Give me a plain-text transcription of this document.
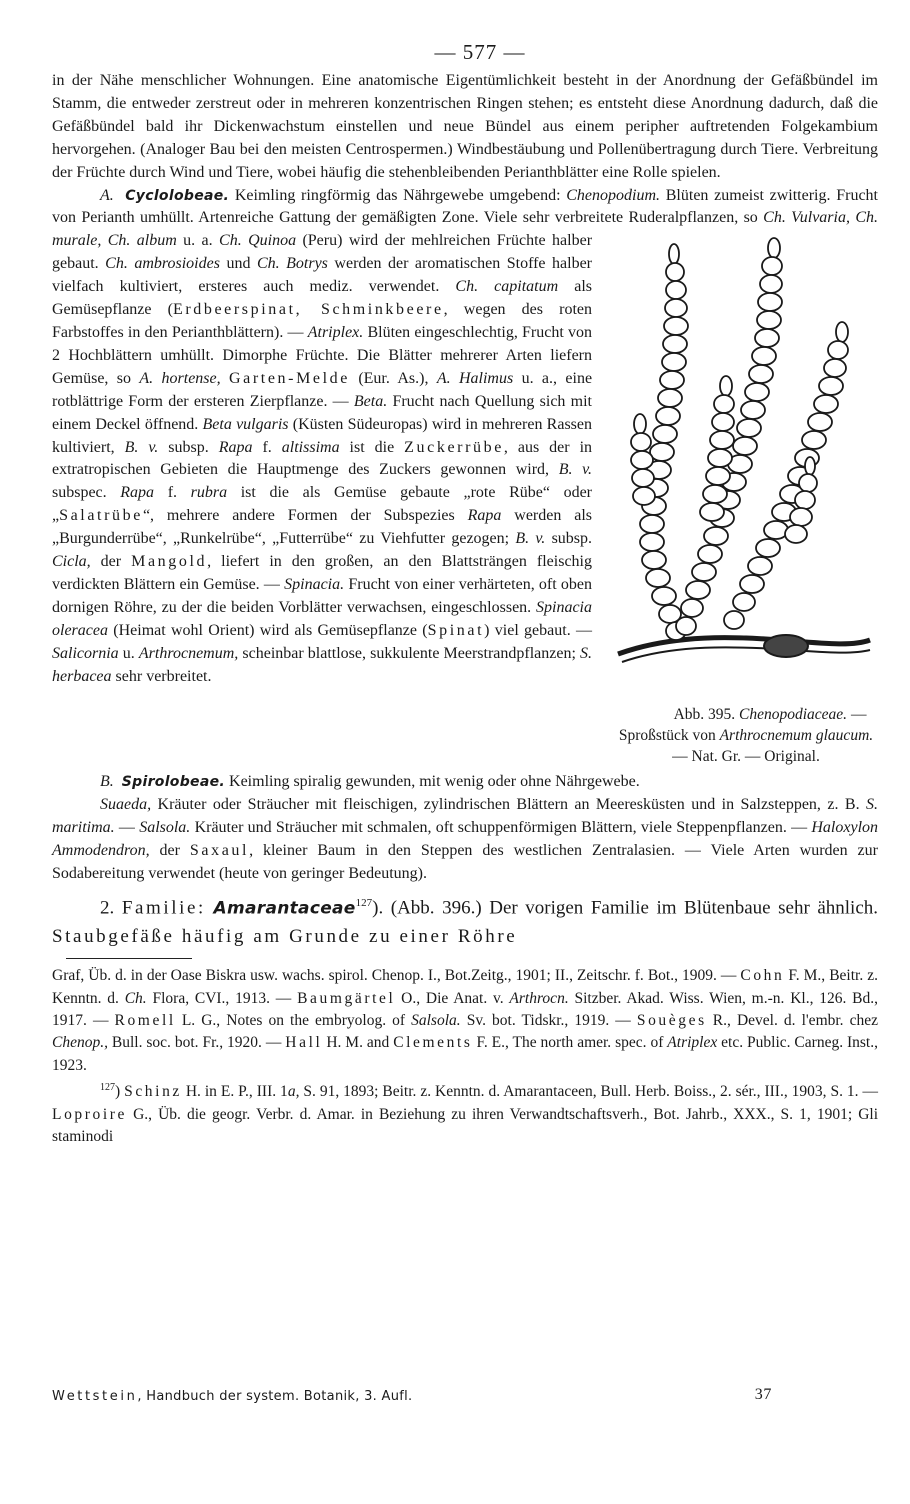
— 577 —

in der Nähe menschlicher Wohnungen. Eine anatomische Eigentümlichkeit besteht in der Anordnung der Gefäßbündel im Stamm, die entweder zerstreut oder in mehreren konzentrischen Ringen stehen; es entsteht diese Anordnung dadurch, daß die Gefäßbündel bald ihr Dickenwachstum einstellen und neue Bündel aus einem peripher auftretenden Folgekambium hervorgehen. (Analoger Bau bei den meisten Centrospermen.) Windbestäubung und Pollenübertragung durch Tiere. Verbreitung der Früchte durch Wind und Tiere, wobei häufig die stehenbleibenden Perianthblätter eine Rolle spielen.

A. Cyclolobeae. Keimling ringförmig das Nährgewebe umgebend: Chenopodium. Blüten zumeist zwitterig. Frucht von Perianth umhüllt. Artenreiche Gattung der gemäßigten Zone. Viele sehr verbreitete Ruderalpflanzen, so
Abb. 395. Chenopodiaceae. — Sproßstück von Arthrocnemum glaucum. — Nat. Gr. — Original.
Ch. Vulvaria, Ch. murale, Ch. album u. a. Ch. Quinoa (Peru) wird der mehlreichen Früchte halber gebaut. Ch. ambrosioides und Ch. Botrys werden der aromatischen Stoffe halber vielfach kultiviert, ersteres auch mediz. verwendet. Ch. capitatum als Gemüsepflanze (Erdbeerspinat, Schminkbeere, wegen des roten Farbstoffes in den Perianthblättern). — Atriplex. Blüten eingeschlechtig, Frucht von 2 Hochblättern umhüllt. Dimorphe Früchte. Die Blätter mehrerer Arten liefern Gemüse, so A. hortense, Garten-Melde (Eur. As.), A. Halimus u. a., eine rotblättrige Form der ersteren Zierpflanze. — Beta. Frucht nach Quellung sich mit einem Deckel öffnend. Beta vulgaris (Küsten Südeuropas) wird in mehreren Rassen kultiviert, B. v. subsp. Rapa f. altissima ist die Zuckerrübe, aus der in extratropischen Gebieten die Hauptmenge des Zuckers gewonnen wird, B. v. subspec. Rapa f. rubra ist die als Gemüse gebaute „rote Rübe“ oder „Salatrübe“, mehrere andere Formen der Subspezies Rapa werden als „Burgunderrübe“, „Runkelrübe“, „Futterrübe“ zu Viehfutter gezogen; B. v. subsp. Cicla, der Mangold, liefert in den großen, an den Blattsträngen fleischig verdickten Blättern ein Gemüse. — Spinacia. Frucht von einer verhärteten, oft oben dornigen Röhre, zu der die beiden Vorblätter verwachsen, eingeschlossen. Spinacia oleracea (Heimat wohl Orient) wird als Gemüsepflanze (Spinat) viel gebaut. — Salicornia u. Arthrocnemum, scheinbar blattlose, sukkulente Meerstrandpflanzen; S. herbacea sehr verbreitet.

B. Spirolobeae. Keimling spiralig gewunden, mit wenig oder ohne Nährgewebe.

Suaeda, Kräuter oder Sträucher mit fleischigen, zylindrischen Blättern an Meeresküsten und in Salzsteppen, z. B. S. maritima. — Salsola. Kräuter und Sträucher mit schmalen, oft schuppenförmigen Blättern, viele Steppenpflanzen. — Haloxylon Ammodendron, der Saxaul, kleiner Baum in den Steppen des westlichen Zentralasien. — Viele Arten wurden zur Sodabereitung verwendet (heute von geringer Bedeutung).

2. Familie: Amarantaceae$^{127}$). (Abb. 396.) Der vorigen Familie im Blütenbaue sehr ähnlich. Staubgefäße häufig am Grunde zu einer Röhre

Graf, Üb. d. in der Oase Biskra usw. wachs. spirol. Chenop. I., Bot.Zeitg., 1901; II., Zeitschr. f. Bot., 1909. — Cohn F. M., Beitr. z. Kenntn. d. Ch. Flora, CVI., 1913. — Baumgärtel O., Die Anat. v. Arthrocn. Sitzber. Akad. Wiss. Wien, m.-n. Kl., 126. Bd., 1917. — Romell L. G., Notes on the embryolog. of Salsola. Sv. bot. Tidskr., 1919. — Souèges R., Devel. d. l'embr. chez Chenop., Bull. soc. bot. Fr., 1920. — Hall H. M. and Clements F. E., The north amer. spec. of Atriplex etc. Public. Carneg. Inst., 1923.

$^{127}$) Schinz H. in E. P., III. 1a, S. 91, 1893; Beitr. z. Kenntn. d. Amarantaceen, Bull. Herb. Boiss., 2. sér., III., 1903, S. 1. — Loproire G., Üb. die geogr. Verbr. d. Amar. in Beziehung zu ihren Verwandtschaftsverh., Bot. Jahrb., XXX., S. 1, 1901; Gli staminodi

Wettstein, Handbuch der system. Botanik, 3. Aufl.	37
